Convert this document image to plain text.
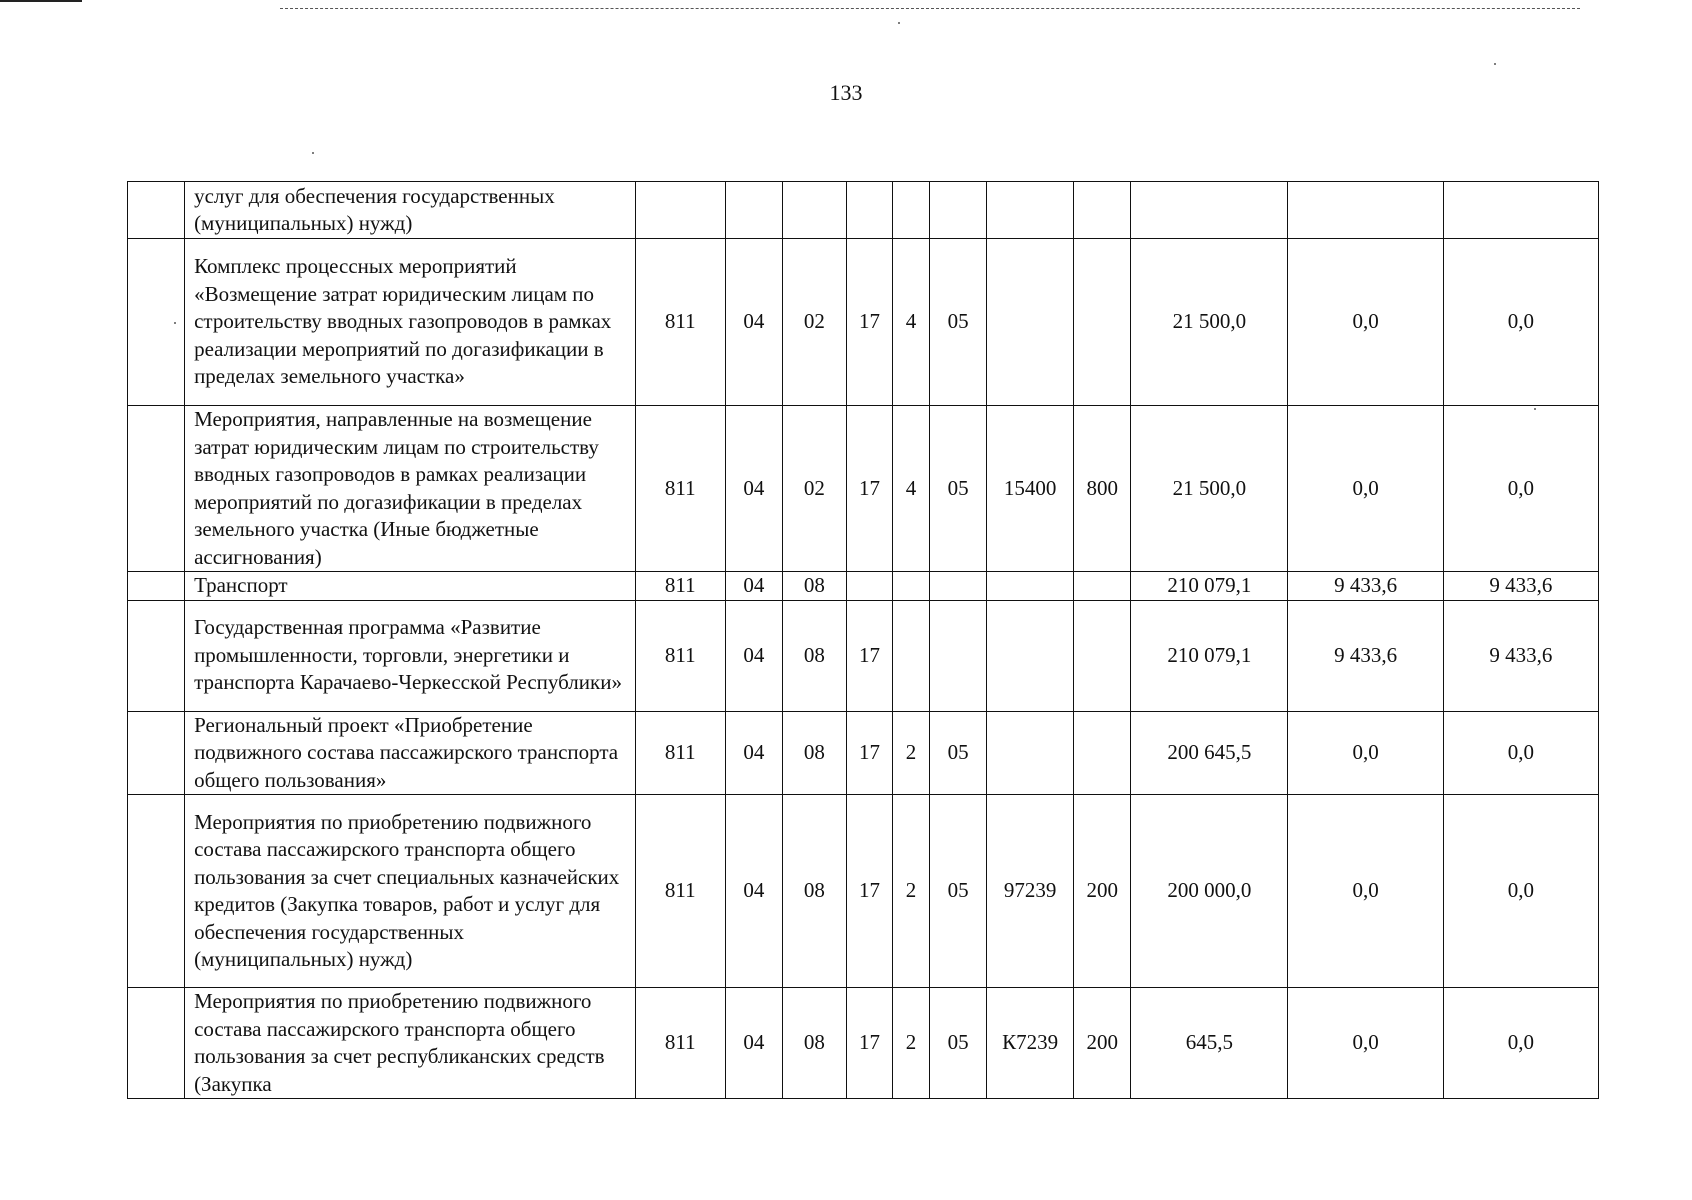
133
	услуг для обеспечения государственных (муниципальных) нужд)											
	Комплекс процессных мероприятий «Возмещение затрат юридическим лицам по строительству вводных газопроводов в рамках реализации мероприятий по догазификации в пределах земельного участка»	811	04	02	17	4	05			21 500,0	0,0	0,0
	Мероприятия, направленные на возмещение затрат юридическим лицам по строительству вводных газопроводов в рамках реализации мероприятий по догазификации в пределах земельного участка (Иные бюджетные ассигнования)	811	04	02	17	4	05	15400	800	21 500,0	0,0	0,0
	Транспорт	811	04	08						210 079,1	9 433,6	9 433,6
	Государственная программа «Развитие промышленности, торговли, энергетики и транспорта Карачаево-Черкесской Республики»	811	04	08	17					210 079,1	9 433,6	9 433,6
	Региональный проект «Приобретение подвижного состава пассажирского транспорта общего пользования»	811	04	08	17	2	05			200 645,5	0,0	0,0
	Мероприятия по приобретению подвижного состава пассажирского транспорта общего пользования за счет специальных казначейских кредитов (Закупка товаров, работ и услуг для обеспечения государственных (муниципальных) нужд)	811	04	08	17	2	05	97239	200	200 000,0	0,0	0,0
	Мероприятия по приобретению подвижного состава пассажирского транспорта общего пользования за счет республиканских средств (Закупка	811	04	08	17	2	05	К7239	200	645,5	0,0	0,0
